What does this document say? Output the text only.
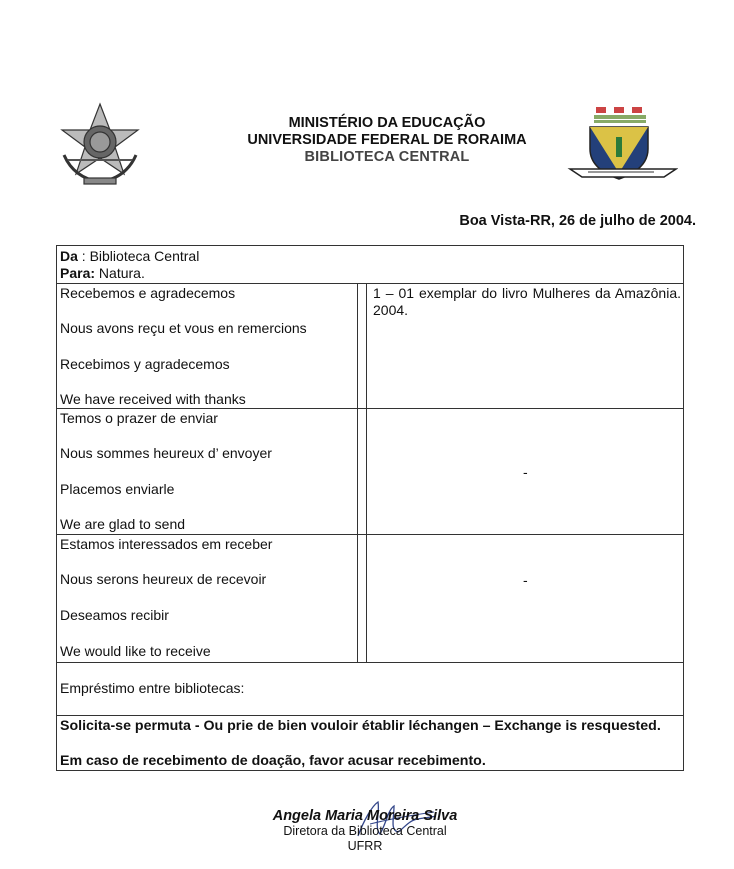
MINISTÉRIO DA EDUCAÇÃO
UNIVERSIDADE FEDERAL DE RORAIMA
BIBLIOTECA CENTRAL
Boa Vista-RR, 26 de julho de 2004.
Da : Biblioteca Central
Para: Natura.
Recebemos e agradecemos
Nous avons reçu et vous en remercions
Recebimos y agradecemos
We have received with thanks
1 – 01 exemplar do livro Mulheres da Amazônia. 2004.
Temos o prazer de enviar
Nous sommes heureux d’ envoyer
Placemos enviarle
We are glad to send
-
Estamos interessados em receber
Nous serons heureux de recevoir
Deseamos recibir
We would like to receive
-
Empréstimo entre bibliotecas:
Solicita-se permuta - Ou prie de bien vouloir établir léchangen – Exchange is resquested.
Em caso de recebimento de doação, favor acusar recebimento.
Angela Maria Moreira Silva
Diretora da Biblioteca Central
UFRR
